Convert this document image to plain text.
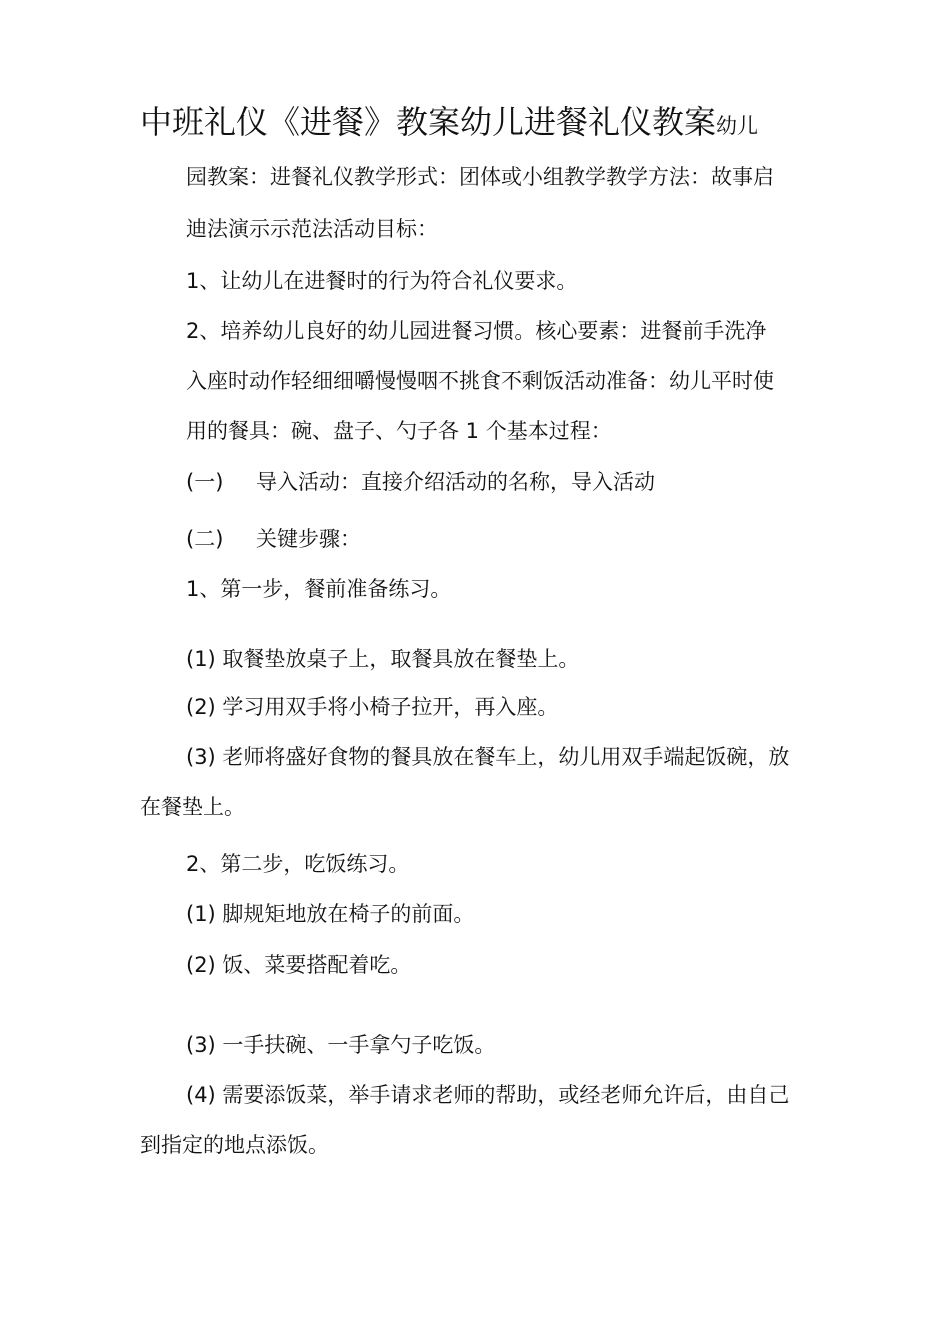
中班礼仪《进餐》教案幼儿进餐礼仪教案幼儿
园教案：进餐礼仪教学形式：团体或小组教学教学方法：故事启
迪法演示示范法活动目标：
1、让幼儿在进餐时的行为符合礼仪要求。
2、培养幼儿良好的幼儿园进餐习惯。核心要素：进餐前手洗净
入座时动作轻细细嚼慢慢咽不挑食不剩饭活动准备：幼儿平时使
用的餐具：碗、盘子、勺子各 1 个基本过程：
(一) 导入活动：直接介绍活动的名称，导入活动
(二) 关键步骤：
1、第一步，餐前准备练习。
(1) 取餐垫放桌子上，取餐具放在餐垫上。
(2) 学习用双手将小椅子拉开，再入座。
(3) 老师将盛好食物的餐具放在餐车上，幼儿用双手端起饭碗，放
在餐垫上。
2、第二步，吃饭练习。
(1) 脚规矩地放在椅子的前面。
(2) 饭、菜要搭配着吃。
(3) 一手扶碗、一手拿勺子吃饭。
(4) 需要添饭菜，举手请求老师的帮助，或经老师允许后，由自己
到指定的地点添饭。
